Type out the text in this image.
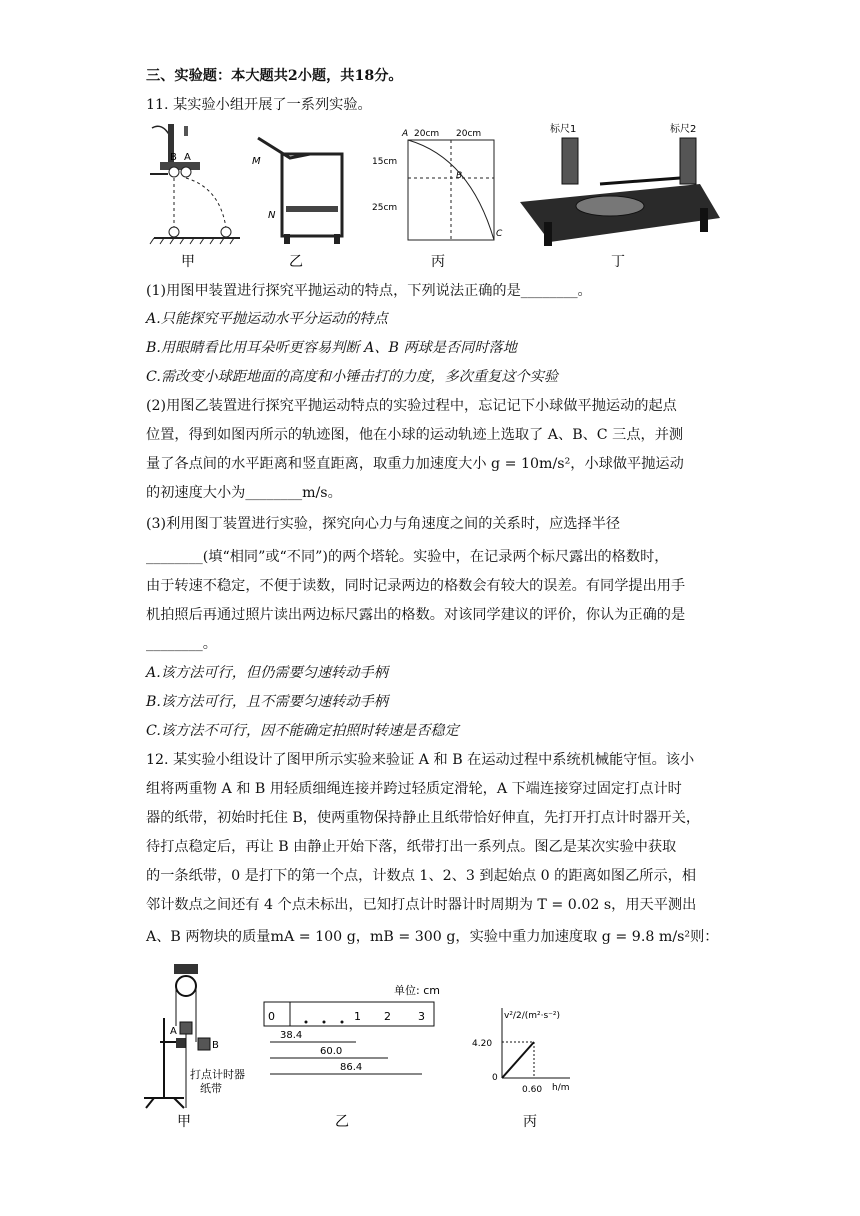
三、实验题：本大题共2小题，共18分。
11. 某实验小组开展了一系列实验。
B A
甲
M
N
乙
A
B
C
20cm 20cm
15cm
25cm
丙
标尺1	标尺2
丁
(1)用图甲装置进行探究平抛运动的特点，下列说法正确的是________。
A.只能探究平抛运动水平分运动的特点
B.用眼睛看比用耳朵听更容易判断 A、B 两球是否同时落地
C.需改变小球距地面的高度和小锤击打的力度，多次重复这个实验
(2)用图乙装置进行探究平抛运动特点的实验过程中，忘记记下小球做平抛运动的起点
位置，得到如图丙所示的轨迹图，他在小球的运动轨迹上选取了 A、B、C 三点，并测
量了各点间的水平距离和竖直距离，取重力加速度大小 g = 10m/s²，小球做平抛运动
的初速度大小为________m/s。
(3)利用图丁装置进行实验，探究向心力与角速度之间的关系时，应选择半径
________(填“相同”或“不同”)的两个塔轮。实验中，在记录两个标尺露出的格数时，
由于转速不稳定，不便于读数，同时记录两边的格数会有较大的误差。有同学提出用手
机拍照后再通过照片读出两边标尺露出的格数。对该同学建议的评价，你认为正确的是
________。
A.该方法可行，但仍需要匀速转动手柄
B.该方法可行，且不需要匀速转动手柄
C.该方法不可行，因不能确定拍照时转速是否稳定
12. 某实验小组设计了图甲所示实验来验证 A 和 B 在运动过程中系统机械能守恒。该小
组将两重物 A 和 B 用轻质细绳连接并跨过轻质定滑轮，A 下端连接穿过固定打点计时
器的纸带，初始时托住 B，使两重物保持静止且纸带恰好伸直，先打开打点计时器开关，
待打点稳定后，再让 B 由静止开始下落，纸带打出一系列点。图乙是某次实验中获取
的一条纸带，0 是打下的第一个点，计数点 1、2、3 到起始点 0 的距离如图乙所示，相
邻计数点之间还有 4 个点未标出，已知打点计时器计时周期为 T = 0.02 s，用天平测出
A、B 两物块的质量mA = 100 g，mB = 300 g，实验中重力加速度取 g = 9.8 m/s²则：
A
B
打点计时器
纸带
甲
单位: cm
0	1 2 3
38.4
60.0
86.4
乙
v²/2/(m²·s⁻²)
h/m
4.20
0.60
0
丙
